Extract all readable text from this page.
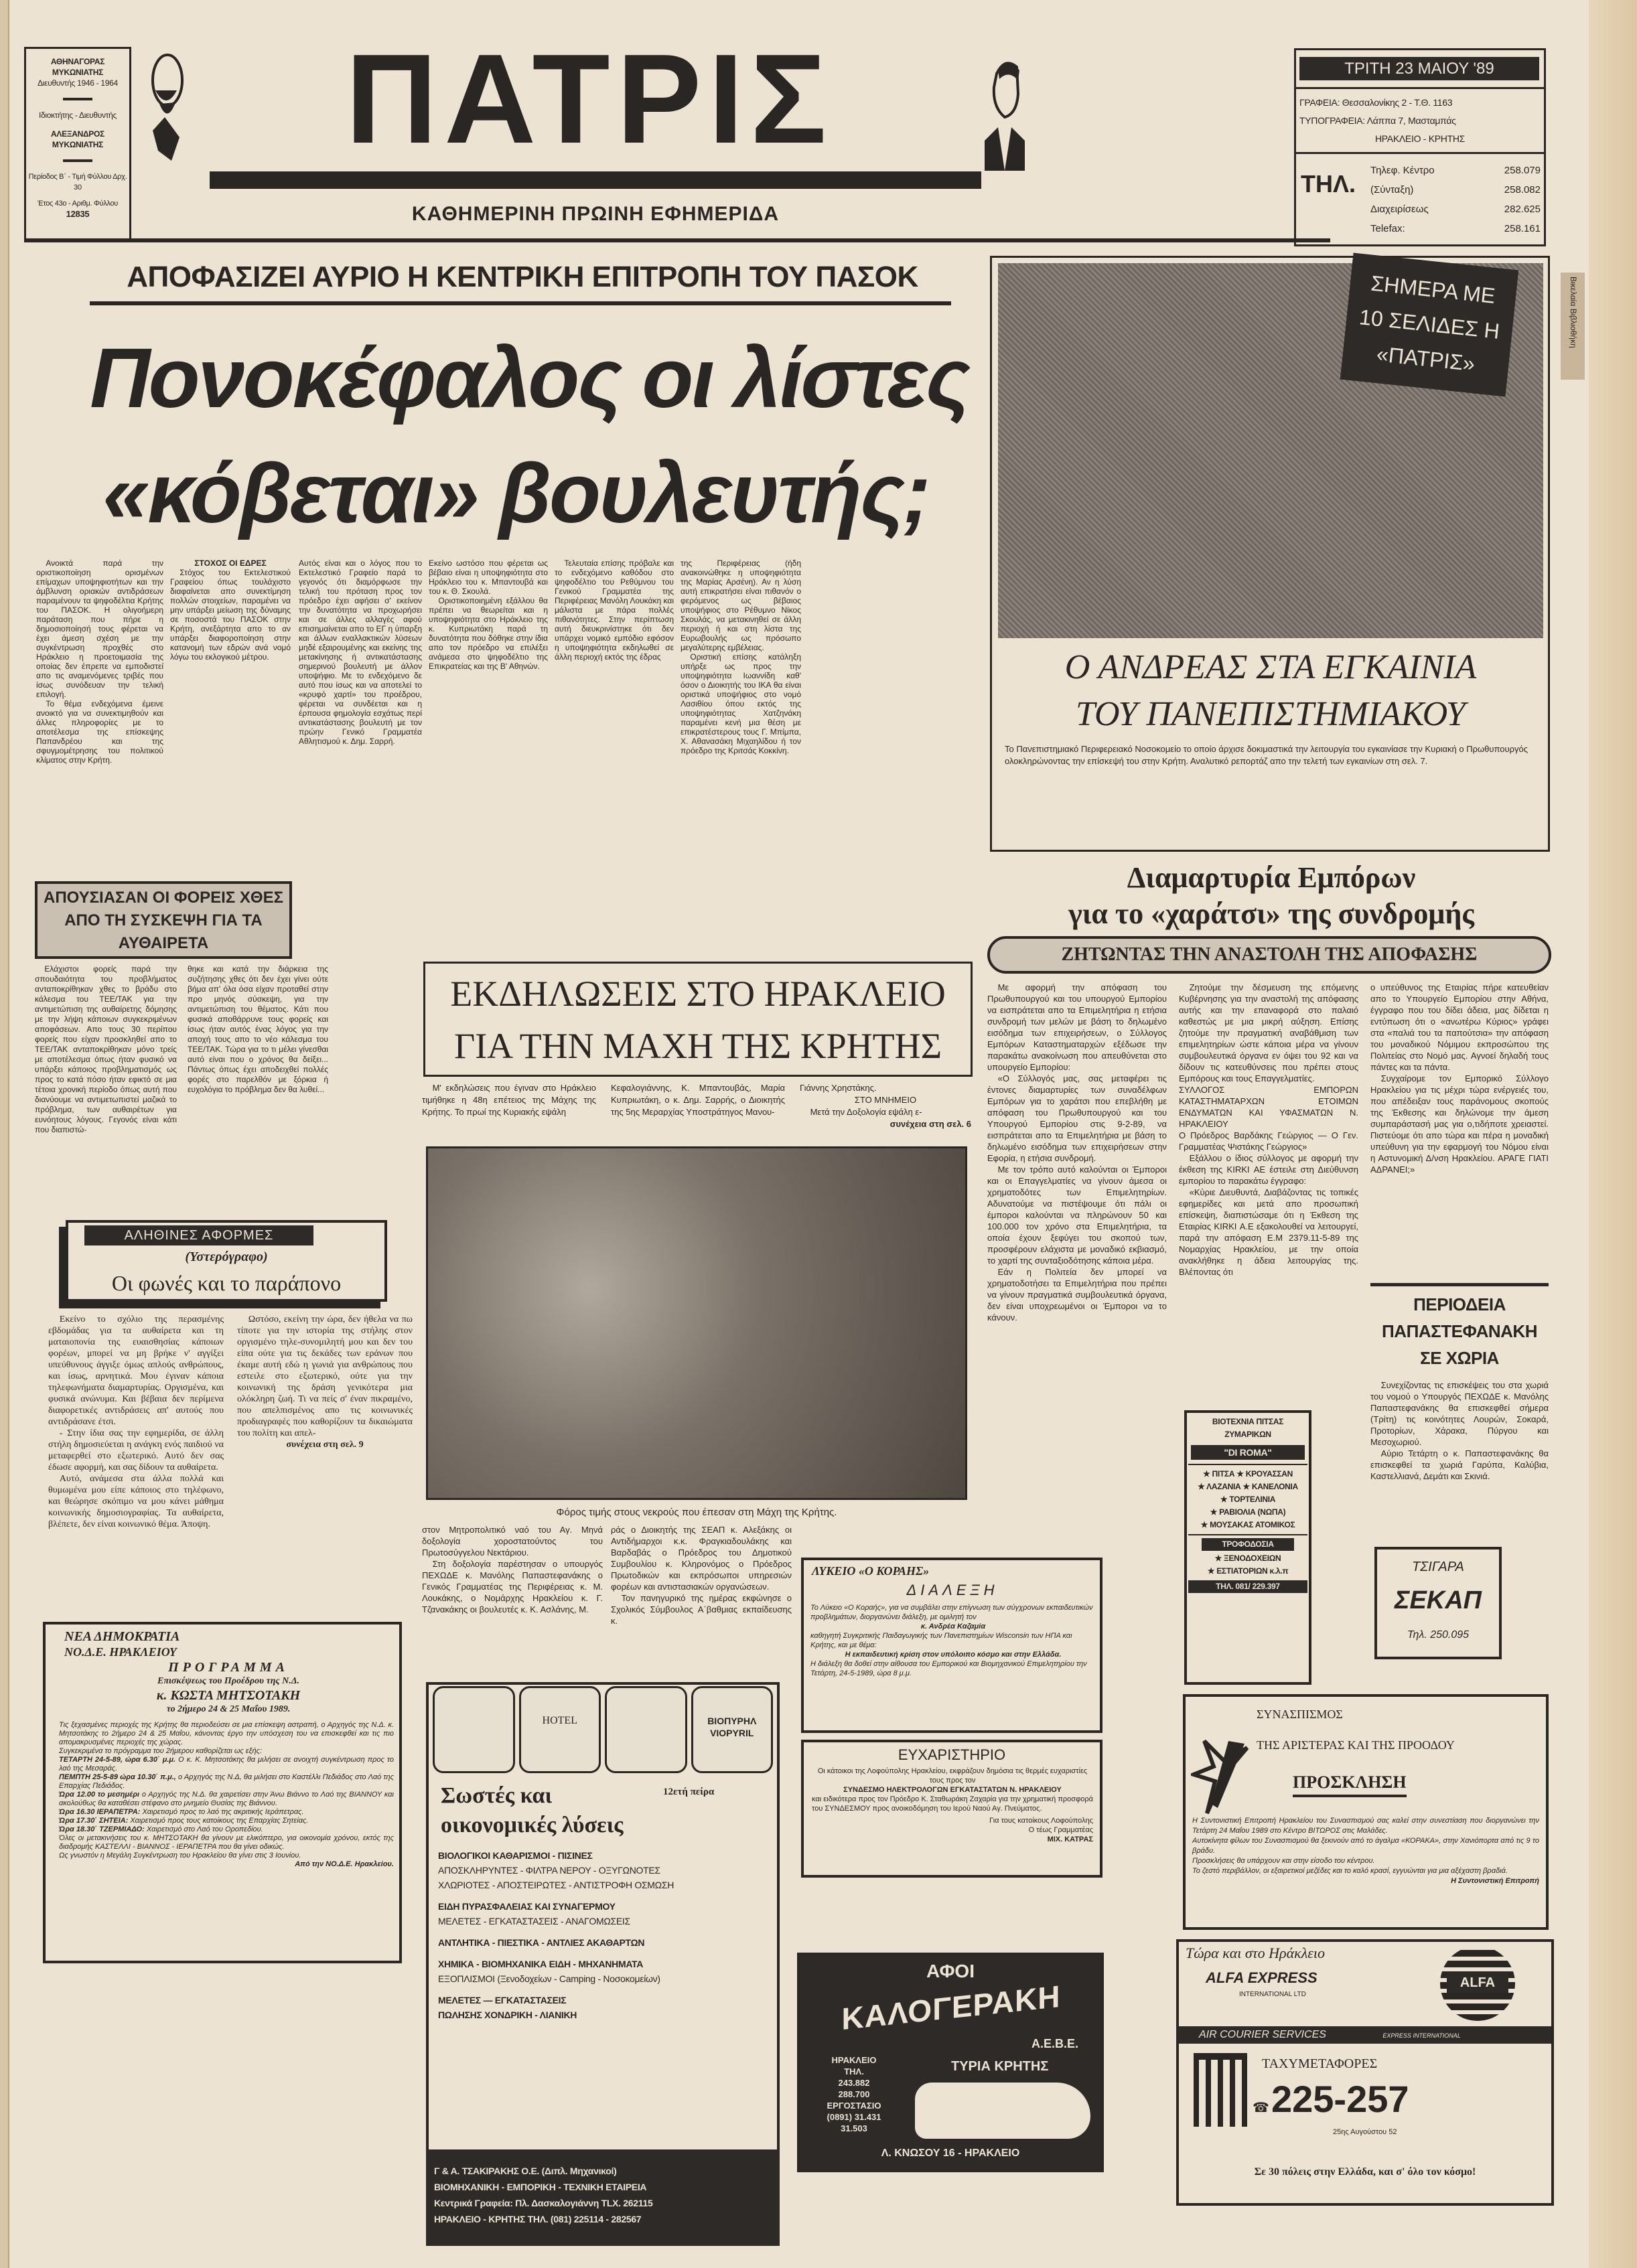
ΑΘΗΝΑΓΟΡΑΣ ΜΥΚΩΝΙΑΤΗΣ
Διευθυντής 1946 - 1964
Ιδιοκτήτης - Διευθυντής
ΑΛΕΞΑΝΔΡΟΣ ΜΥΚΩΝΙΑΤΗΣ
Περίοδος Β΄ - Τιμή Φύλλου Δρχ. 30
Έτος 43ο - Αριθμ. Φύλλου 12835
ΠΑΤΡΙΣ
ΚΑΘΗΜΕΡΙΝΗ ΠΡΩΙΝΗ ΕΦΗΜΕΡΙΔΑ
ΤΡΙΤΗ 23 ΜΑΙΟΥ '89
ΓΡΑΦΕΙΑ: Θεσσαλονίκης 2 - Τ.Θ. 1163
ΤΥΠΟΓΡΑΦΕΙΑ: Λάππα 7, Μασταμπάς
ΗΡΑΚΛΕΙΟ - ΚΡΗΤΗΣ
ΤΗΛ. Τηλεφ. Κέντρο	258.079
(Σύνταξη)	258.082
Διαχειρίσεως	282.625
Telefax:	258.161
ΑΠΟΦΑΣΙΖΕΙ ΑΥΡΙΟ Η ΚΕΝΤΡΙΚΗ ΕΠΙΤΡΟΠΗ ΤΟΥ ΠΑΣΟΚ
Πονοκέφαλος οι λίστες
«κόβεται» βουλευτής;

Ανοικτά παρά την οριστικοποίηση ορισμένων επίμαχων υποψηφιοτήτων και την άμβλυνση οριακών αντιδράσεων παραμένουν τα ψηφοδέλτια Κρήτης του ΠΑΣΟΚ. Η ολιγοήμερη παράταση που πήρε η δημοσιοποίησή τους φέρεται να έχει άμεση σχέση με την συγκέντρωση προχθές στο Ηράκλειο η προετοιμασία της οποίας δεν έπρεπε να εμποδιστεί απο τις αναμενόμενες τριβές που ίσως συνόδευαν την τελική επιλογή.

Το θέμα ενδεχόμενα έμεινε ανοικτό για να συνεκτιμηθούν και άλλες πληροφορίες με το αποτέλεσμα της επίσκεψης Παπανδρέου και της σφυγμομέτρησης του πολιτικού κλίματος στην Κρήτη.

ΣΤΟΧΟΣ ΟΙ ΕΔΡΕΣ

Στόχος του Εκτελεστικού Γραφείου όπως τουλάχιστο διαφαίνεται απο συνεκτίμηση πολλών στοιχείων, παραμένει να μην υπάρξει μείωση της δύναμης σε ποσοστά του ΠΑΣΟΚ στην Κρήτη, ανεξάρτητα απο το αν υπάρξει διαφοροποίηση στην κατανομή των εδρών ανά νομό λόγω του εκλογικού μέτρου.

Αυτός είναι και ο λόγος που το Εκτελεστικό Γραφείο παρά το γεγονός ότι διαμόρφωσε την τελική του πρόταση προς τον πρόεδρο έχει αφήσει σ' εκείνον την δυνατότητα να προχωρήσει και σε άλλες αλλαγές αφού επισημαίνεται απο το ΕΓ η ύπαρξη και άλλων εναλλακτικών λύσεων μηδέ εξαιρουμένης και εκείνης της μετακίνησης ή αντικατάστασης σημερινού βουλευτή με άλλον υποψήφιο. Με το ενδεχόμενο δε αυτό που ίσως και να αποτελεί το «κρυφό χαρτί» του προέδρου, φέρεται να συνδέεται και η έρπουσα φημολογία εσχάτως περί αντικατάστασης βουλευτή με τον πρώην Γενικό Γραμματέα Αθλητισμού κ. Δημ. Σαρρή.

Εκείνο ωστόσο που φέρεται ως βέβαιο είναι η υποψηφιότητα στο Ηράκλειο του κ. Μπαντουβά και του κ. Θ. Σκουλά.

Οριστικοποιημένη εξάλλου θα πρέπει να θεωρείται και η υποψηφιότητα στο Ηράκλειο της κ. Κυπριωτάκη παρά τη δυνατότητα που δόθηκε στην ίδια απο τον πρόεδρο να επιλέξει ανάμεσα στο ψηφοδέλτιο της Επικρατείας και της Β' Αθηνών.

Τελευταία επίσης πρόβαλε και το ενδεχόμενο καθόδου στο ψηφοδέλτιο του Ρεθύμνου του Γενικού Γραμματέα της Περιφέρειας Μανόλη Λουκάκη και μάλιστα με πάρα πολλές πιθανότητες. Στην περίπτωση αυτή διευκρινίστηκε ότι δεν υπάρχει νομικό εμπόδιο εφόσον η υποψηφιότητα εκδηλωθεί σε άλλη περιοχή εκτός της έδρας

της Περιφέρειας (ήδη ανακοινώθηκε η υποψηφιότητα της Μαρίας Αρσένη). Αν η λύση αυτή επικρατήσει είναι πιθανόν ο φερόμενος ως βέβαιος υποψήφιος στο Ρέθυμνο Νίκος Σκουλάς, να μετακινηθεί σε άλλη περιοχή ή και στη λίστα της Ευρωβουλής ως πρόσωπο μεγαλύτερης εμβέλειας.

Οριστική επίσης κατάληξη υπήρξε ως προς την υποψηφιότητα Ιωαννίδη καθ' όσον ο Διοικητής του ΙΚΑ θα είναι οριστικά υποψήφιος στο νομό Λασιθίου όπου εκτός της υποψηφιότητας Χατζηνάκη παραμένει κενή μια θέση με επικρατέστερους τους Γ. Μπίμπα, Χ. Αθανασάκη Μιχαηλίδου ή τον πρόεδρο της Κριτσάς Κοκκίνη.

ΣΗΜΕΡΑ ΜΕ 10 ΣΕΛΙΔΕΣ Η «ΠΑΤΡΙΣ»
Ο ΑΝΔΡΕΑΣ ΣΤΑ ΕΓΚΑΙΝΙΑ
ΤΟΥ ΠΑΝΕΠΙΣΤΗΜΙΑΚΟΥ
Το Πανεπιστημιακό Περιφερειακό Νοσοκομείο το οποίο άρχισε δοκιμαστικά την λειτουργία του εγκαινίασε την Κυριακή ο Πρωθυπουργός ολοκληρώνοντας την επίσκεψή του στην Κρήτη. Αναλυτικό ρεπορτάζ απο την τελετή των εγκαινίων στη σελ. 7.
Βικελαία Βιβλιοθήκη
Διαμαρτυρία Εμπόρων
για το «χαράτσι» της συνδρομής
ΖΗΤΩΝΤΑΣ ΤΗΝ ΑΝΑΣΤΟΛΗ ΤΗΣ ΑΠΟΦΑΣΗΣ

Με αφορμή την απόφαση του Πρωθυπουργού και του υπουργού Εμπορίου να εισπράτεται απο τα Επιμελητήρια η ετήσια συνδρομή των μελών με βάση το δηλωμένο εισόδημα των επιχειρήσεων, ο Σύλλογος Εμπόρων Καταστηματαρχών εξέδωσε την παρακάτω ανακοίνωση που απευθύνεται στο υπουργείο Εμπορίου:

«Ο Σύλλογός μας, σας μεταφέρει τις έντονες διαμαρτυρίες των συναδέλφων Εμπόρων για το χαράτσι που επεβλήθη με απόφαση του Πρωθυπουργού και του Υπουργού Εμπορίου στις 9-2-89, να εισπράτεται απο τα Επιμελητήρια με βάση το δηλωμένο εισόδημα των επιχειρήσεων στην Εφορία, η ετήσια συνδρομή.

Με τον τρόπο αυτό καλούνται οι Έμποροι και οι Επαγγελματίες να γίνουν άμεσα οι χρηματοδότες των Επιμελητηρίων. Αδυνατούμε να πιστέψουμε ότι πάλι οι έμποροι καλούνται να πληρώνουν 50 και 100.000 τον χρόνο στα Επιμελητήρια, τα οποία έχουν ξεφύγει του σκοπού των, προσφέρουν ελάχιστα με μοναδικό εκβιασμό, το χαρτί της συνταξιοδότησης κάποια μέρα.

Εάν η Πολιτεία δεν μπορεί να χρηματοδοτήσει τα Επιμελητήρια που πρέπει να γίνουν πραγματικά συμβουλευτικά όργανα, δεν είναι υποχρεωμένοι οι Έμποροι να το κάνουν.

Ζητούμε την δέσμευση της επόμενης Κυβέρνησης για την αναστολή της απόφασης αυτής και την επαναφορά στο παλαιό καθεστώς με μια μικρή αύξηση. Επίσης ζητούμε την πραγματική αναβάθμιση των επιμελητηρίων ώστε κάποια μέρα να γίνουν συμβουλευτικά όργανα εν όψει του 92 και να δίδουν τις κατευθύνσεις που πρέπει στους Εμπόρους και τους Επαγγελματίες.

ΣΥΛΛΟΓΟΣ ΕΜΠΟΡΩΝ ΚΑΤΑΣΤΗΜΑΤΑΡΧΩΝ ΕΤΟΙΜΩΝ ΕΝΔΥΜΑΤΩΝ ΚΑΙ ΥΦΑΣΜΑΤΩΝ Ν. ΗΡΑΚΛΕΙΟΥ

Ο Πρόεδρος Βαρδάκης Γεώργιος — Ο Γεν. Γραμματέας Ψιστάκης Γεώργιος»

Εξάλλου ο ίδιος σύλλογος με αφορμή την έκθεση της KIRKI ΑΕ έστειλε στη Διεύθυνση εμπορίου το παρακάτω έγγραφο:

«Κύριε Διευθυντά, Διαβάζοντας τις τοπικές εφημερίδες και μετά απο προσωπική επίσκεψη, διαπιστώσαμε ότι η Έκθεση της Εταιρίας KIRKI Α.Ε εξακολουθεί να λειτουργεί, παρά την απόφαση Ε.Μ 2379.11-5-89 της Νομαρχίας Ηρακλείου, με την οποία ανακλήθηκε η άδεια λειτουργίας της. Βλέποντας ότι

ο υπεύθυνος της Εταιρίας πήρε κατευθείαν απο το Υπουργείο Εμπορίου στην Αθήνα, έγγραφο που του δίδει άδεια, μας δίδεται η εντύπωση ότι ο «ανωτέρω Κύριος» γράφει στα «παλιά του τα παπούτσια» την απόφαση του μοναδικού Νόμιμου εκπροσώπου της Πολιτείας στο Νομό μας. Αγνοεί δηλαδή τους πάντες και τα πάντα.

Συγχαίρομε τον Εμπορικό Σύλλογο Ηρακλείου για τις μέχρι τώρα ενέργειές του, που απέδειξαν τους παράνομους σκοπούς της Έκθεσης και δηλώνομε την άμεση συμπαράστασή μας για ο,τιδήποτε χρειαστεί. Πιστεύομε ότι απο τώρα και πέρα η μοναδική υπεύθυνη για την εφαρμογή του Νόμου είναι η Αστυνομική Δ/νση Ηρακλείου. ΑΡΑΓΕ ΓΙΑΤΙ ΑΔΡΑΝΕΙ;»

ΠΕΡΙΟΔΕΙΑ ΠΑΠΑΣΤΕΦΑΝΑΚΗ ΣΕ ΧΩΡΙΑ

Συνεχίζοντας τις επισκέψεις του στα χωριά του νομού ο Υπουργός ΠΕΧΩΔΕ κ. Μανόλης Παπαστεφανάκης θα επισκεφθεί σήμερα (Τρίτη) τις κοινότητες Λουρών, Σοκαρά, Προτορίων, Χάρακα, Πύργου και Μεσοχωριού.

Αύριο Τετάρτη ο κ. Παπαστεφανάκης θα επισκεφθεί τα χωριά Γαρύπα, Καλύβια, Καστελλιανά, Δεμάτι και Σκινιά.

ΑΠΟΥΣΙΑΣΑΝ ΟΙ ΦΟΡΕΙΣ ΧΘΕΣ ΑΠΟ ΤΗ ΣΥΣΚΕΨΗ ΓΙΑ ΤΑ ΑΥΘΑΙΡΕΤΑ

Ελάχιστοι φορείς παρά την σπουδαιότητα του προβλήματος ανταποκρίθηκαν χθες το βράδυ στο κάλεσμα του ΤΕΕ/ΤΑΚ για την αντιμετώπιση της αυθαίρετης δόμησης με την λήψη κάποιων συγκεκριμένων αποφάσεων. Απο τους 30 περίπου φορείς που είχαν προσκληθεί απο το ΤΕΕ/ΤΑΚ ανταποκρίθηκαν μόνο τρείς με αποτέλεσμα όπως ήταν φυσικό να υπάρξει κάποιος προβληματισμός ως προς το κατά πόσο ήταν εφικτό σε μια τέτοια χρονική περίοδο όπως αυτή που διανύουμε να αντιμετωπιστεί μαζικά το πρόβλημα, των αυθαιρέτων για ευνόητους λόγους. Γεγονός είναι κάτι που διαπιστώ-

θηκε και κατά την διάρκεια της συζήτησης χθες ότι δεν έχει γίνει ούτε βήμα απ' όλα όσα είχαν προταθεί στην προ μηνός σύσκεψη, για την αντιμετώπιση του θέματος. Κάτι που φυσικά αποθάρρυνε τους φορείς και ίσως ήταν αυτός ένας λόγος για την αποχή τους απο το νέο κάλεσμα του ΤΕΕ/ΤΑΚ. Τώρα για το τι μέλει γίνεσθαι αυτό είναι που ο χρόνος θα δείξει... Πάντως όπως έχει αποδειχθεί πολλές φορές στο παρελθόν με ξόρκια ή ευχολόγια το πρόβλημα δεν θα λυθεί...

ΑΛΗΘΙΝΕΣ ΑΦΟΡΜΕΣ
(Υστερόγραφο)
Οι φωνές και το παράπονο

Εκείνο το σχόλιο της περασμένης εβδομάδας για τα αυθαίρετα και τη ματαιοπονία της ευαισθησίας κάποιων φορέων, μπορεί να μη βρήκε ν' αγγίξει υπεύθυνους άγγιξε όμως απλούς ανθρώπους, και ίσως, αρνητικά. Μου έγιναν κάποια τηλεφωνήματα διαμαρτυρίας. Οργισμένα, και φυσικά ανώνυμα. Και βέβαια δεν περίμενα διαφορετικές αντιδράσεις απ' αυτούς που αντιδράσανε έτσι.

- Στην ίδια σας την εφημερίδα, σε άλλη στήλη δημοσιεύεται η ανάγκη ενός παιδιού να μεταφερθεί στο εξωτερικό. Αυτό δεν σας έδωσε αφορμή, και σας δίδουν τα αυθαίρετα.

Αυτό, ανάμεσα στα άλλα πολλά και θυμωμένα μου είπε κάποιος στο τηλέφωνο, και θεώρησε σκόπιμο να μου κάνει μάθημα κοινωνικής δημοσιογραφίας. Τα αυθαίρετα, βλέπετε, δεν είναι κοινωνικό θέμα. Άποψη.

Ωστόσο, εκείνη την ώρα, δεν ήθελα να πω τίποτε για την ιστορία της στήλης στον οργισμένο τηλε-συνομιλητή μου και δεν του είπα ούτε για τις δεκάδες των εράνων που έκαμε αυτή εδώ η γωνιά για ανθρώπους που εστειλε στο εξωτερικό, ούτε για την κοινωνική της δράση γενικότερα μια ολόκληρη ζωή. Τι να πείς σ' έναν πικραμένο, που απελπισμένος απο τις κοινωνικές προδιαγραφές που καθορίζουν τα δικαιώματα του πολίτη και απελ-

συνέχεια στη σελ. 9

ΝΕΑ ΔΗΜΟΚΡΑΤΙΑ
ΝΟ.Δ.Ε. ΗΡΑΚΛΕΙΟΥ
ΠΡΟΓΡΑΜΜΑ
Επισκέψεως του Προέδρου της Ν.Δ.
κ. ΚΩΣΤΑ ΜΗΤΣΟΤΑΚΗ
το 2ήμερο 24 & 25 Μαΐου 1989.

Τις ξεχασμένες περιοχές της Κρήτης θα περιοδεύσει σε μια επίσκεψη αστραπή, ο Αρχηγός της Ν.Δ. κ. Μητσοτάκης το 2ήμερο 24 & 25 Μαΐου, κάνοντας έργο την υπόσχεση του να επισκεφθεί και τις πιο απομακρυσμένες περιοχές της χώρας.

Συγκεκριμένα το πρόγραμμα του 2ήμερου καθορίζεται ως εξής:

ΤΕΤΑΡΤΗ 24-5-89, ώρα 6.30΄ μ.μ. Ο κ. Κ. Μητσοτάκης θα μιλήσει σε ανοιχτή συγκέντρωση προς το λαό της Μεσαράς.

ΠΕΜΠΤΗ 25-5-89 ώρα 10.30΄ π.μ., ο Αρχηγός της Ν.Δ, θα μιλήσει στο Καστέλλι Πεδιάδος στο Λαό της Επαρχίας Πεδιάδος.

Ώρα 12.00 το μεσημέρι ο Αρχηγός της Ν.Δ. θα χαιρετίσει στην Άνω Βιάννο το Λαό της ΒΙΑΝΝΟΥ και ακολούθως θα καταθέσει στέφανο στο μνημείο Θυσίας της Βιάννου.

Ώρα 16.30 ΙΕΡΑΠΕΤΡΑ: Χαιρετισμό προς το λαό της ακριτικής Ιεράπετρας.

Ώρα 17.30΄ ΣΗΤΕΙΑ: Χαιρετισμό προς τους κατοίκους της Επαρχίας Σητείας.

Ώρα 18.30΄ ΤΖΕΡΜΙΑΔΟ: Χαιρετισμό στο Λαό του Οροπεδίου.

Όλες οι μετακινήσεις του κ. ΜΗΤΣΟΤΑΚΗ θα γίνουν με ελικόπτερο, για οικονομία χρόνου, εκτός της διαδρομής ΚΑΣΤΕΛΛΙ - ΒΙΑΝΝΟΣ - ΙΕΡΑΠΕΤΡΑ που θα γίνει οδικώς.

Ως γνωστόν η Μεγάλη Συγκέντρωση του Ηρακλείου θα γίνει στις 3 Ιουνίου.

Από την ΝΟ.Δ.Ε. Ηρακλείου.

ΕΚΔΗΛΩΣΕΙΣ ΣΤΟ ΗΡΑΚΛΕΙΟ
ΓΙΑ ΤΗΝ ΜΑΧΗ ΤΗΣ ΚΡΗΤΗΣ

Μ' εκδηλώσεις που έγιναν στο Ηράκλειο τιμήθηκε η 48η επέτειος της Μάχης της Κρήτης. Το πρωί της Κυριακής εψάλη

Κεφαλογιάννης, Κ. Μπαντουβάς, Μαρία Κυπριωτάκη, ο κ. Δημ. Σαρρής, ο Διοικητής της 5ης Μεραρχίας Υποστράτηγος Μανου-

Γιάννης Χρηστάκης.

ΣΤΟ ΜΝΗΜΕΙΟ

Μετά την Δοξολογία εψάλη ε-

συνέχεια στη σελ. 6

Φόρος τιμής στους νεκρούς που έπεσαν στη Μάχη της Κρήτης.

στον Μητροπολιτικό ναό του Αγ. Μηνά δοξολογία χοροστατούντος του Πρωτοσύγγελου Νεκτάριου.

Στη δοξολογία παρέστησαν ο υπουργός ΠΕΧΩΔΕ κ. Μανόλης Παπαστεφανάκης ο Γενικός Γραμματέας της Περιφέρειας κ. Μ. Λουκάκης, ο Νομάρχης Ηρακλείου κ. Γ. Τζανακάκης οι βουλευτές κ. Κ. Ασλάνης, Μ.

ράς ο Διοικητής της ΣΕΑΠ κ. Αλεξάκης οι Αντιδήμαρχοι κ.κ. Φραγκιαδουλάκης και Βαρδαβάς ο Πρόεδρος του Δημοτικού Συμβουλίου κ. Κληρονόμος ο Πρόεδρος Πρωτοδικών και εκπρόσωποι υπηρεσιών φορέων και αντιστασιακών οργανώσεων.

Τον πανηγυρικό της ημέρας εκφώνησε ο Σχολικός Σύμβουλος Α΄βαθμιας εκπαίδευσης κ.

HOTEL	ΒΙΟΠΥΡΗΛ
VIOPYRIL
Σωστές και οικονομικές λύσεις
12ετή πείρα
ΒΙΟΛΟΓΙΚΟΙ ΚΑΘΑΡΙΣΜΟΙ - ΠΙΣΙΝΕΣ
ΑΠΟΣΚΛΗΡΥΝΤΕΣ - ΦΙΛΤΡΑ ΝΕΡΟΥ - ΟΞΥΓΩΝΟΤΕΣ
ΧΛΩΡΙΟΤΕΣ - ΑΠΟΣΤΕΙΡΩΤΕΣ - ΑΝΤΙΣΤΡΟΦΗ ΟΣΜΩΣΗ
ΕΙΔΗ ΠΥΡΑΣΦΑΛΕΙΑΣ ΚΑΙ ΣΥΝΑΓΕΡΜΟΥ
ΜΕΛΕΤΕΣ - ΕΓΚΑΤΑΣΤΑΣΕΙΣ - ΑΝΑΓΟΜΩΣΕΙΣ
ΑΝΤΛΗΤΙΚΑ - ΠΙΕΣΤΙΚΑ - ΑΝΤΛΙΕΣ ΑΚΑΘΑΡΤΩΝ
ΧΗΜΙΚΑ - ΒΙΟΜΗΧΑΝΙΚΑ ΕΙΔΗ - ΜΗΧΑΝΗΜΑΤΑ
ΕΞΟΠΛΙΣΜΟΙ (Ξενοδοχείων - Camping - Νοσοκομείων)
ΜΕΛΕΤΕΣ — ΕΓΚΑΤΑΣΤΑΣΕΙΣ
ΠΩΛΗΣΗΣ ΧΟΝΔΡΙΚΗ - ΛΙΑΝΙΚΗ
Γ & Α. ΤΣΑΚΙΡΑΚΗΣ Ο.Ε. (Διπλ. Μηχανικοί)
ΒΙΟΜΗΧΑΝΙΚΗ - ΕΜΠΟΡΙΚΗ - ΤΕΧΝΙΚΗ ΕΤΑΙΡΕΙΑ
Κεντρικά Γραφεία: Πλ. Δασκαλογιάννη TLX. 262115
ΗΡΑΚΛΕΙΟ - ΚΡΗΤΗΣ ΤΗΛ. (081) 225114 - 282567
ΛΥΚΕΙΟ «Ο ΚΟΡΑΗΣ»
ΔΙΑΛΕΞΗ
Το Λύκειο «Ο Κοραής», για να συμβάλει στην επίγνωση των σύγχρονων εκπαιδευτικών προβλημάτων, διοργανώνει διάλεξη, με ομιλητή τον
κ. Ανδρέα Καζαμία
καθηγητή Συγκριτικής Παιδαγωγικής των Πανεπιστημίων Wisconsin των ΗΠΑ και Κρήτης, και με θέμα:
Η εκπαιδευτική κρίση στον υπόλοιπο κόσμο και στην Ελλάδα.
Η διάλεξη θα δοθεί στην αίθουσα του Εμπορικού και Βιομηχανικού Επιμελητηρίου την Τετάρτη, 24-5-1989, ώρα 8 μ.μ.
ΕΥΧΑΡΙΣΤΗΡΙΟ
Οι κάτοικοι της Λοφούπολης Ηρακλείου, εκφράζουν δημόσια τις θερμές ευχαριστίες τους προς τον
ΣΥΝΔΕΣΜΟ ΗΛΕΚΤΡΟΛΟΓΩΝ ΕΓΚΑΤΑΣΤΑΤΩΝ Ν. ΗΡΑΚΛΕΙΟΥ
και ειδικότερα προς τον Πρόεδρο Κ. Σταθωράκη Ζαχαρία για την χρηματική προσφορά του ΣΥΝΔΕΣΜΟΥ προς ανοικοδόμηση του Ιερού Ναού Αγ. Πνεύματος.
Για τους κατοίκους Λοφούπολης
Ο τέως Γραμματέας
ΜΙΧ. ΚΑΤΡΑΣ
ΑΦΟΙ
ΚΑΛΟΓΕΡΑΚΗ
Α.Ε.Β.Ε.
ΤΥΡΙΑ ΚΡΗΤΗΣ
ΗΡΑΚΛΕΙΟ
ΤΗΛ.
243.882
288.700
ΕΡΓΟΣΤΑΣΙΟ
(0891) 31.431
31.503
Λ. ΚΝΩΣΟΥ 16 - ΗΡΑΚΛΕΙΟ
ΒΙΟΤΕΧΝΙΑ ΠΙΤΣΑΣ
ΖΥΜΑΡΙΚΩΝ
"DI ROMA"
★ ΠΙΤΣΑ ★ ΚΡΟΥΑΣΣΑΝ
★ ΛΑΖΑΝΙΑ ★ ΚΑΝΕΛΟΝΙΑ
★ ΤΟΡΤΕΛΙΝΙΑ
★ ΡΑΒΙΟΛΙΑ (ΝΩΠΑ)
★ ΜΟΥΣΑΚΑΣ ΑΤΟΜΙΚΟΣ
ΤΡΟΦΟΔΟΣΙΑ
★ ΞΕΝΟΔΟΧΕΙΩΝ
★ ΕΣΤΙΑΤΟΡΙΩΝ κ.λ.π
ΤΗΛ. 081/ 229.397
ΤΣΙΓΑΡΑ
ΣΕΚΑΠ
Τηλ. 250.095
ΣΥΝΑΣΠΙΣΜΟΣ
ΤΗΣ ΑΡΙΣΤΕΡΑΣ ΚΑΙ ΤΗΣ ΠΡΟΟΔΟΥ
ΠΡΟΣΚΛΗΣΗ
Η Συντονιστική Επιτροπή Ηρακλείου του Συνασπισμού σας καλεί στην συνεστίαση που διοργανώνει την Τετάρτη 24 Μαΐου 1989 στο Κέντρο ΒΙΤΩΡΟΣ στις Μαλάδες.
Αυτοκίνητα φίλων του Συνασπισμού θα ξεκινούν από το άγαλμα «ΚΟΡΑΚΑ», στην Χανιόπορτα από τις 9 το βράδυ.
Προσκλήσεις θα υπάρχουν και στην είσοδο του κέντρου.
Το ζεστό περιβάλλον, οι εξαιρετικοί μεζέδες και το καλό κρασί, εγγυώνται για μια αξέχαστη βραδιά.
Η Συντονιστική Επιτροπή
Τώρα και στο Ηράκλειο
ALFA EXPRESS
INTERNATIONAL LTD
ALFA
AIR COURIER SERVICES	EXPRESS INTERNATIONAL
ΤΑΧΥΜΕΤΑΦΟΡΕΣ
☎ 225-257
25ης Αυγούστου 52
Σε 30 πόλεις στην Ελλάδα, και σ' όλο τον κόσμο!
